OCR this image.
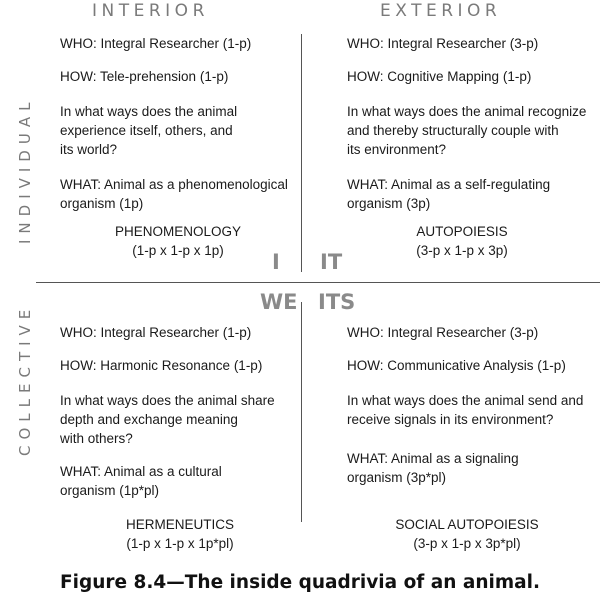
INTERIOR	EXTERIOR
INDIVIDUAL
COLLECTIVE
I IT
WE ITS

WHO: Integral Researcher (1-p)

HOW: Tele-prehension (1-p)

In what ways does the animal
experience itself, others, and
its world?

WHAT: Animal as a phenomenological
organism (1p)

PHENOMENOLOGY
(1-p x 1-p x 1p)

WHO: Integral Researcher (3-p)

HOW: Cognitive Mapping (1-p)

In what ways does the animal recognize
and thereby structurally couple with
its environment?

WHAT: Animal as a self-regulating
organism (3p)

AUTOPOIESIS
(3-p x 1-p x 3p)

WHO: Integral Researcher (1-p)

HOW: Harmonic Resonance (1-p)

In what ways does the animal share
depth and exchange meaning
with others?

WHAT: Animal as a cultural
organism (1p*pl)

HERMENEUTICS
(1-p x 1-p x 1p*pl)

WHO: Integral Researcher (3-p)

HOW: Communicative Analysis (1-p)

In what ways does the animal send and
receive signals in its environment?

WHAT: Animal as a signaling
organism (3p*pl)

SOCIAL AUTOPOIESIS
(3-p x 1-p x 3p*pl)
Figure 8.4—The inside quadrivia of an animal.
